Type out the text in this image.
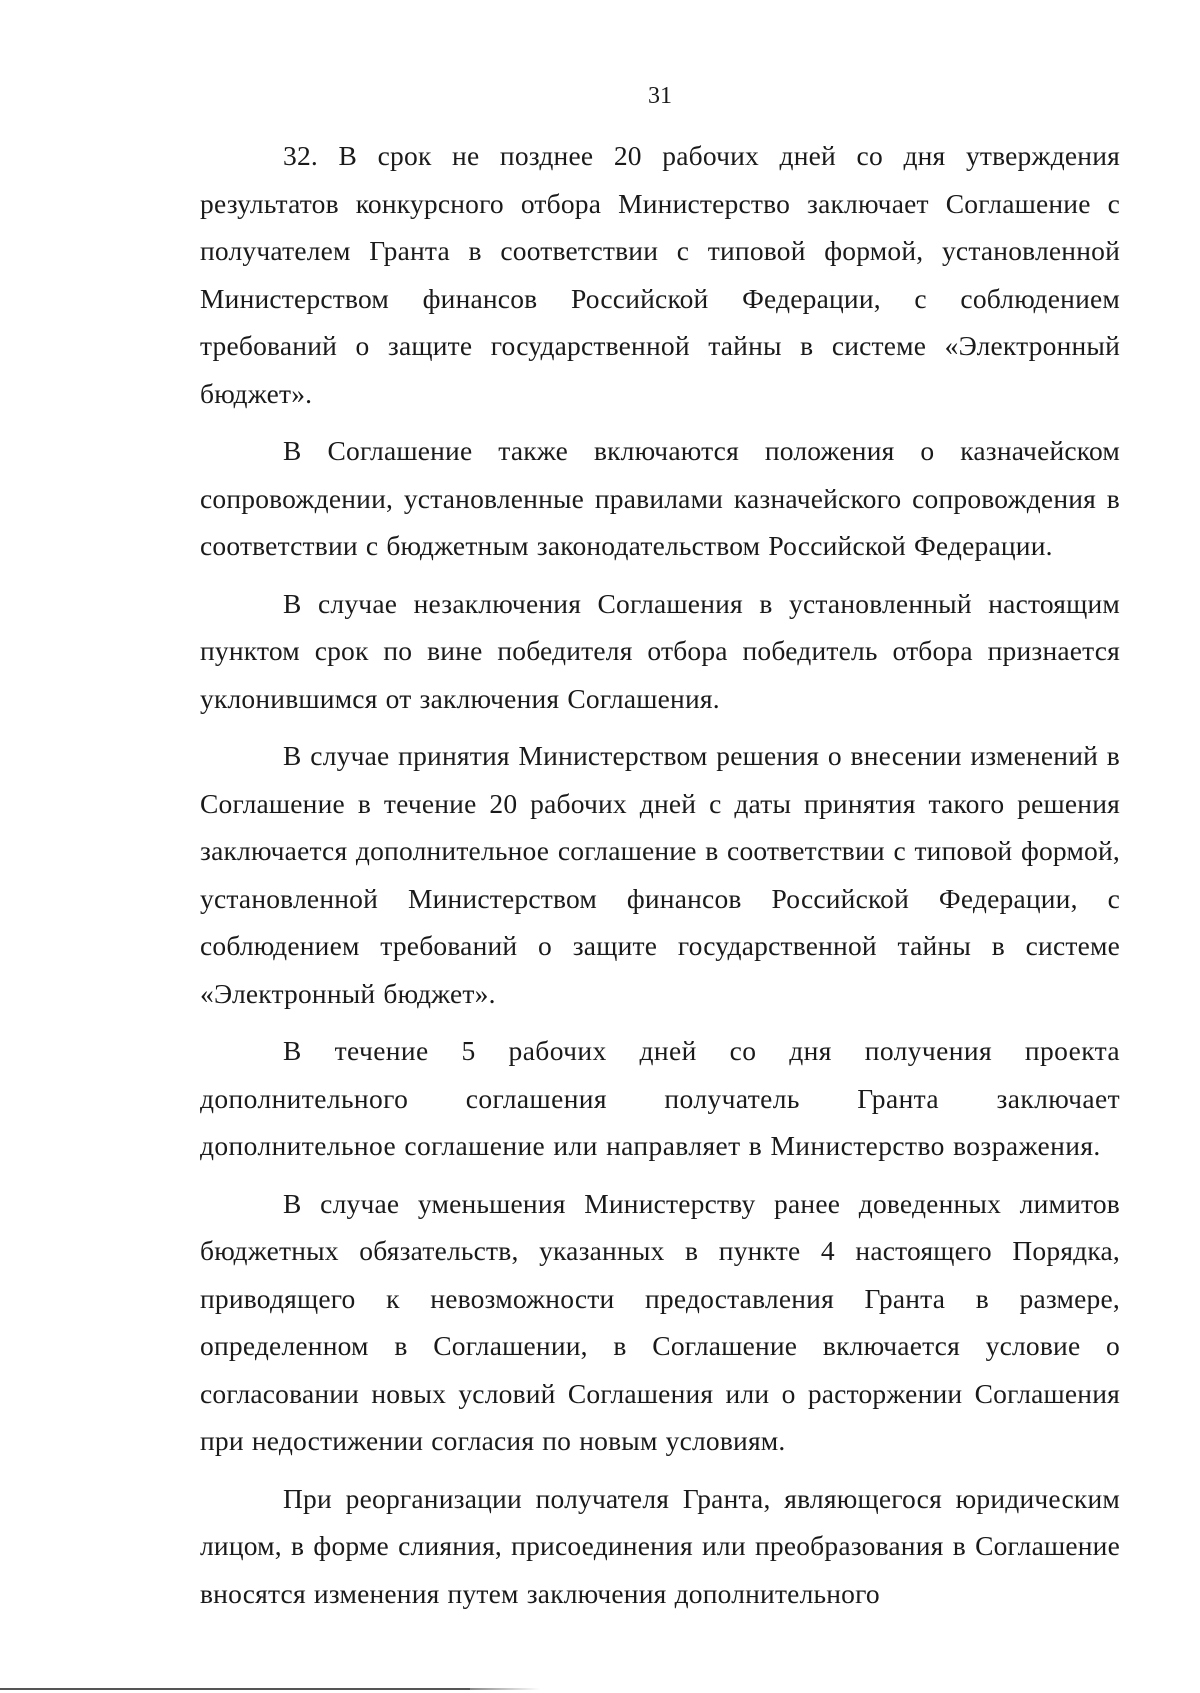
31

32. В срок не позднее 20 рабочих дней со дня утверждения результатов конкурсного отбора Министерство заключает Соглашение с получателем Гранта в соответствии с типовой формой, установленной Министерством финансов Российской Федерации, с соблюдением требований о защите государственной тайны в системе «Электронный бюджет».

В Соглашение также включаются положения о казначейском сопровождении, установленные правилами казначейского сопровождения в соответствии с бюджетным законодательством Российской Федерации.

В случае незаключения Соглашения в установленный настоящим пунктом срок по вине победителя отбора победитель отбора признается уклонившимся от заключения Соглашения.

В случае принятия Министерством решения о внесении изменений в Соглашение в течение 20 рабочих дней с даты принятия такого решения заключается дополнительное соглашение в соответствии с типовой формой, установленной Министерством финансов Российской Федерации, с соблюдением требований о защите государственной тайны в системе «Электронный бюджет».

В течение 5 рабочих дней со дня получения проекта дополнительного соглашения получатель Гранта заключает дополнительное соглашение или направляет в Министерство возражения.

В случае уменьшения Министерству ранее доведенных лимитов бюджетных обязательств, указанных в пункте 4 настоящего Порядка, приводящего к невозможности предоставления Гранта в размере, определенном в Соглашении, в Соглашение включается условие о согласовании новых условий Соглашения или о расторжении Соглашения при недостижении согласия по новым условиям.

При реорганизации получателя Гранта, являющегося юридическим лицом, в форме слияния, присоединения или преобразования в Соглашение вносятся изменения путем заключения дополнительного
